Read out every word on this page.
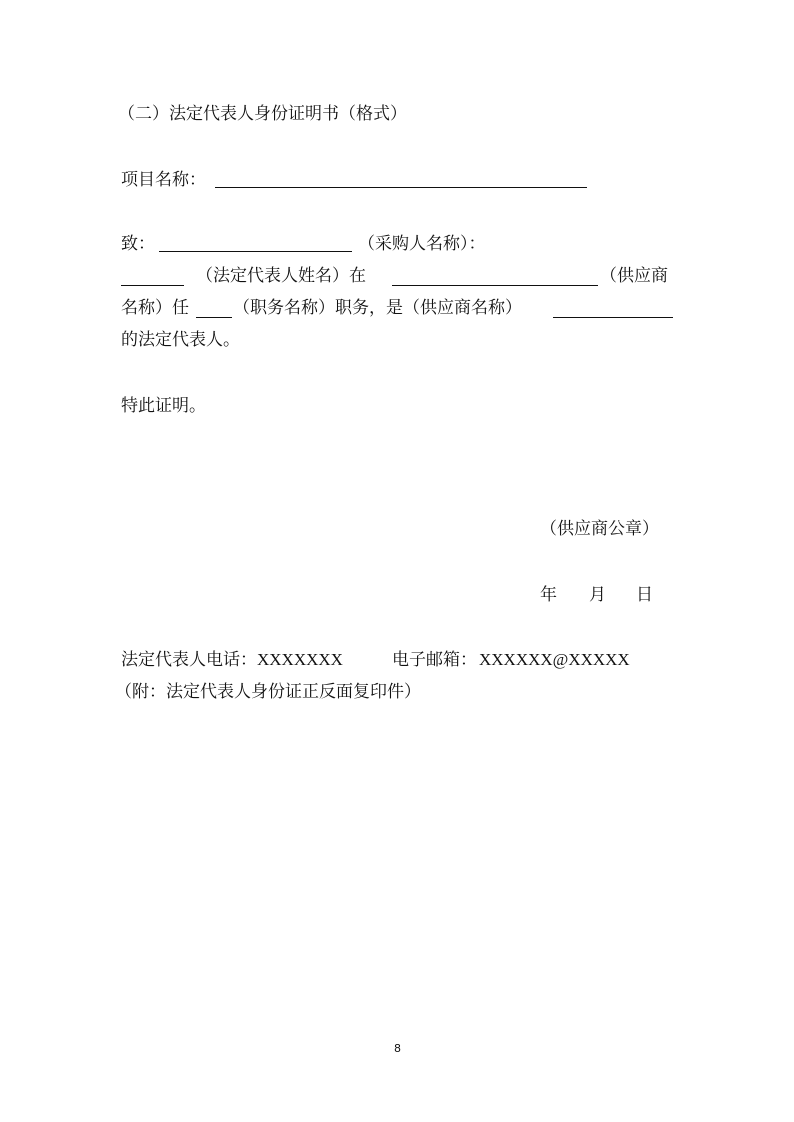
（二）法定代表人身份证明书（格式）
项目名称：
致：	（采购人名称）：
（法定代表人姓名）在	（供应商
名称）任	（职务名称）职务，是（供应商名称）
的法定代表人。
特此证明。
（供应商公章）
年 月 日
法定代表人电话： XXXXXXX	电子邮箱： XXXXXX@XXXXX
（附：法定代表人身份证正反面复印件）
8
